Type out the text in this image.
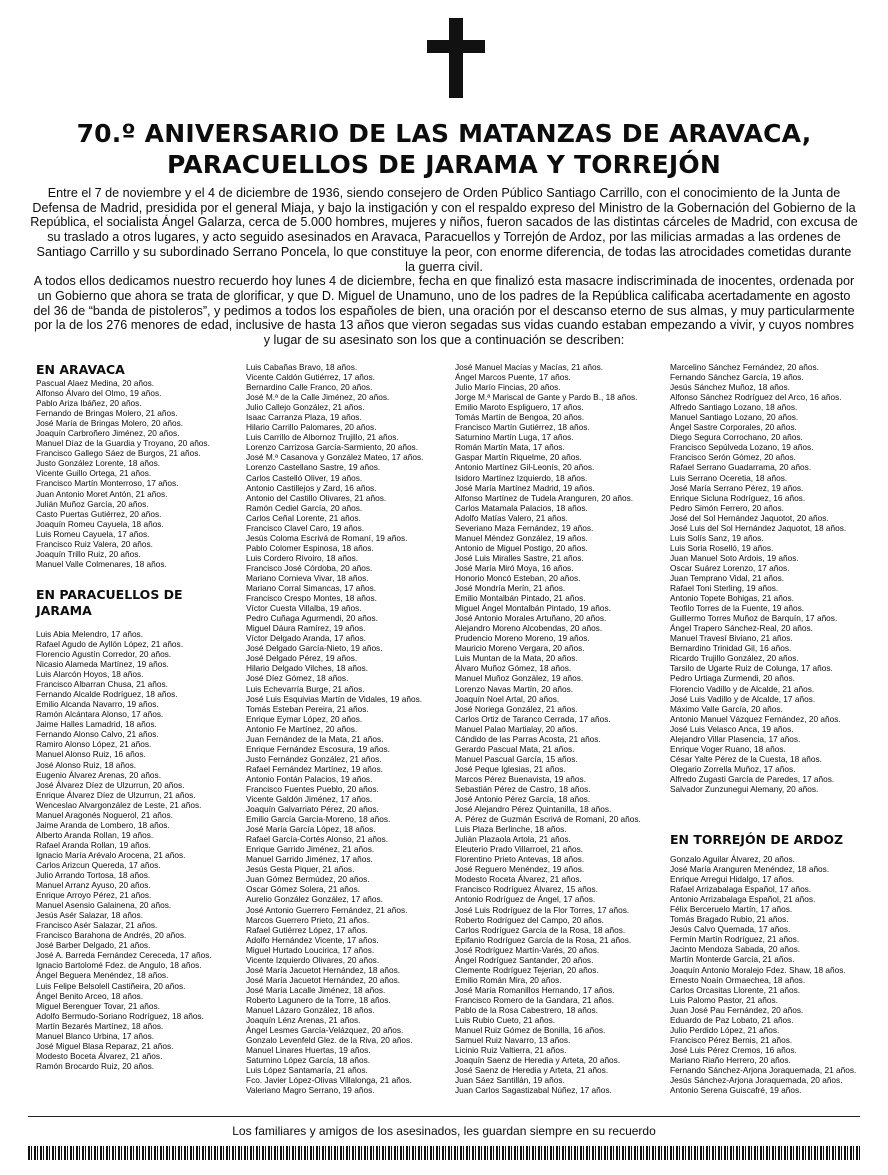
70.º ANIVERSARIO DE LAS MATANZAS DE ARAVACA,
PARACUELLOS DE JARAMA Y TORREJÓN

Entre el 7 de noviembre y el 4 de diciembre de 1936, siendo consejero de Orden Público Santiago Carrillo, con el conocimiento de la Junta de Defensa de Madrid, presidida por el general Miaja, y bajo la instigación y con el respaldo expreso del Ministro de la Gobernación del Gobierno de la República, el socialista Ángel Galarza, cerca de 5.000 hombres, mujeres y niños, fueron sacados de las distintas cárceles de Madrid, con excusa de su traslado a otros lugares, y acto seguido asesinados en Aravaca, Paracuellos y Torrejón de Ardoz, por las milicias armadas a las ordenes de Santiago Carrillo y su subordinado Serrano Poncela, lo que constituye la peor, con enorme diferencia, de todas las atrocidades cometidas durante la guerra civil.

A todos ellos dedicamos nuestro recuerdo hoy lunes 4 de diciembre, fecha en que finalizó esta masacre indiscriminada de inocentes, ordenada por un Gobierno que ahora se trata de glorificar, y que D. Miguel de Unamuno, uno de los padres de la República calificaba acertadamente en agosto del 36 de “banda de pistoleros”, y pedimos a todos los españoles de bien, una oración por el descanso eterno de sus almas, y muy particularmente por la de los 276 menores de edad, inclusive de hasta 13 años que vieron segadas sus vidas cuando estaban empezando a vivir, y cuyos nombres y lugar de su asesinato son los que a continuación se describen:

EN ARAVACA
Pascual Alaez Medina, 20 años.
Alfonso Álvaro del Olmo, 19 años.
Pablo Ariza Ibáñez, 20 años.
Fernando de Bringas Molero, 21 años.
José María de Bringas Molero, 20 años.
Joaquín Carbroñero Jiménez, 20 años.
Manuel Díaz de la Guardia y Troyano, 20 años.
Francisco Gallego Sáez de Burgos, 21 años.
Justo González Lorente, 18 años.
Vicente Guillo Ortega, 21 años.
Francisco Martín Monterroso, 17 años.
Juan Antonio Moret Antón, 21 años.
Julián Muñoz García, 20 años.
Casto Puertas Gutiérrez, 20 años.
Joaquín Romeu Cayuela, 18 años.
Luis Romeu Cayuela, 17 años.
Francisco Ruiz Valera, 20 años.
Joaquín Trillo Ruiz, 20 años.
Manuel Valle Colmenares, 18 años.
EN PARACUELLOS DE
JARAMA
Luis Abia Melendro, 17 años.
Rafael Agudo de Ayllón López, 21 años.
Florencio Agustín Corredor, 20 años.
Nicasio Alameda Martínez, 19 años.
Luis Alarcón Hoyos, 18 años.
Francisco Albarran Chusa, 21 años.
Fernando Alcalde Rodríguez, 18 años.
Emilio Alcanda Navarro, 19 años.
Ramón Alcántara Alonso, 17 años.
Jaime Halles Lamadrid, 18 años.
Fernando Alonso Calvo, 21 años.
Ramiro Alonso López, 21 años.
Manuel Alonso Ruiz, 16 años.
José Alonso Ruiz, 18 años.
Eugenio Álvarez Arenas, 20 años.
José Álvarez Díez de Ulzurrun, 20 años.
Enrique Álvarez Díez de Ulzurrun, 21 años.
Wenceslao Alvargonzález de Leste, 21 años.
Manuel Aragonés Noguerol, 21 años.
Jaime Aranda de Lombero, 18 años.
Alberto Aranda Rollan, 19 años.
Rafael Aranda Rollan, 19 años.
Ignacio María Arévalo Arocena, 21 años.
Carlos Arizcun Quereda, 17 años.
Julio Arrando Tortosa, 18 años.
Manuel Arranz Ayuso, 20 años.
Enrique Arroyo Pérez, 21 años.
Manuel Asensio Galainena, 20 años.
Jesús Asér Salazar, 18 años.
Francisco Asér Salazar, 21 años.
Francisco Barahona de Andrés, 20 años.
José Barber Delgado, 21 años.
José A. Barreda Fernández Cereceda, 17 años.
Ignacio Bartolomé Fdez. de Angulo, 18 años.
Ángel Beguera Menéndez, 18 años.
Luis Felipe Belsolell Castiñeira, 20 años.
Ángel Benito Arceo, 18 años.
Miguel Berenguer Tovar, 21 años.
Adolfo Bermudo-Soriano Rodríguez, 18 años.
Martín Bezarés Martínez, 18 años.
Manuel Blanco Urbina, 17 años.
José Miguel Blasa Reparaz, 21 años.
Modesto Boceta Álvarez, 21 años.
Ramón Brocardo Ruiz, 20 años.
Luis Cabañas Bravo, 18 años.
Vicente Caldón Gutiérrez, 17 años.
Bernardino Calle Franco, 20 años.
José M.ª de la Calle Jiménez, 20 años.
Julio Callejo González, 21 años.
Isaac Carranza Plaza, 19 años.
Hilario Carrillo Palomares, 20 años.
Luis Carrillo de Albornoz Trujillo, 21 años.
Lorenzo Carrizosa García-Sarmiento, 20 años.
José M.ª Casanova y González Mateo, 17 años.
Lorenzo Castellano Sastre, 19 años.
Carlos Castelló Oliver, 19 años.
Antonio Castillejos y Zard, 16 años.
Antonio del Castillo Olivares, 21 años.
Ramón Cediel García, 20 años.
Carlos Ceñal Lorente, 21 años.
Francisco Clavel Caro, 19 años.
Jesús Coloma Escrivá de Romaní, 19 años.
Pablo Colomer Espinosa, 18 años.
Luis Cordero Rivoiro, 18 años.
Francisco José Córdoba, 20 años.
Mariano Cornieva Vivar, 18 años.
Mariano Corral Simancas, 17 años.
Francisco Crespo Montes, 18 años.
Víctor Cuesta Villalba, 19 años.
Pedro Cuñaga Agurmendi, 20 años.
Miguel Dáura Ramírez, 19 años.
Víctor Delgado Aranda, 17 años.
José Delgado García-Nieto, 19 años.
José Delgado Pérez, 19 años.
Hilario Delgado Vilches, 18 años.
José Díez Gómez, 18 años.
Luis Echevarría Burge, 21 años.
José Luis Esquivias Martín de Vidales, 19 años.
Tomás Esteban Pereira, 21 años.
Enrique Eymar López, 20 años.
Antonio Fe Martínez, 20 años.
Juan Fernández de la Mata, 21 años.
Enrique Fernández Escosura, 19 años.
Justo Fernández González, 21 años.
Rafael Fernández Martínez, 19 años.
Antonio Fontán Palacios, 19 años.
Francisco Fuentes Pueblo, 20 años.
Vicente Galdón Jiménez, 17 años.
Joaquín Galvarriato Pérez, 20 años.
Emilio García García-Moreno, 18 años.
José María García López, 18 años.
Rafael García-Cortés Alonso, 21 años.
Enrique Garrido Jiménez, 21 años.
Manuel Garrido Jiménez, 17 años.
Jesús Gesta Piquer, 21 años.
Juan Gómez Bermúdez, 20 años.
Oscar Gómez Solera, 21 años.
Aurelio González González, 17 años.
José Antonio Guerrero Fernández, 21 años.
Marcos Guerrero Prieto, 21 años.
Rafael Gutiérrez López, 17 años.
Adolfo Hernández Vicente, 17 años.
Miguel Hurtado Loucirica, 17 años.
Vicente Izquierdo Olivares, 20 años.
José María Jacuetot Hernández, 18 años.
José María Jacuetot Hernández, 20 años.
José María Lacalle Jiménez, 18 años.
Roberto Lagunero de la Torre, 18 años.
Manuel Lázaro González, 18 años.
Joaquín Lénz Arenas, 21 años.
Ángel Lesmes García-Velázquez, 20 años.
Gonzalo Levenfeld Glez. de la Riva, 20 años.
Manuel Linares Huertas, 19 años.
Saturnino López García, 18 años.
Luis López Santamaría, 21 años.
Fco. Javier López-Olivas Villalonga, 21 años.
Valeriano Magro Serrano, 19 años.
José Manuel Macías y Macías, 21 años.
Ángel Marcos Puente, 17 años.
Julio Marío Fincias, 20 años.
Jorge M.ª Mariscal de Gante y Pardo B., 18 años.
Emilio Maroto Espliguero, 17 años.
Tomás Martín de Bengoa, 20 años.
Francisco Martín Gutiérrez, 18 años.
Saturnino Martín Luga, 17 años.
Román Martín Mata, 17 años.
Gaspar Martín Riquelme, 20 años.
Antonio Martínez Gil-Leonís, 20 años.
Isidoro Martínez Izquierdo, 18 años.
José María Martínez Madrid, 19 años.
Alfonso Martínez de Tudela Aranguren, 20 años.
Carlos Matamala Palacios, 18 años.
Adolfo Matías Valero, 21 años.
Severiano Maza Fernández, 19 años.
Manuel Méndez González, 19 años.
Antonio de Miguel Postigo, 20 años.
José Luis Miralles Sastre, 21 años.
José María Miró Moya, 16 años.
Honorio Moncó Esteban, 20 años.
José Mondría Merín, 21 años.
Emilio Montalbán Pintado, 21 años.
Miguel Ángel Montalbán Pintado, 19 años.
José Antonio Morales Artuñano, 20 años.
Alejandro Moreno Alcobendas, 20 años.
Prudencio Moreno Moreno, 19 años.
Mauricio Moreno Vergara, 20 años.
Luis Muntan de la Mata, 20 años.
Álvaro Muñoz Gómez, 18 años.
Manuel Muñoz González, 19 años.
Lorenzo Navas Martín, 20 años.
Joaquín Noel Artal, 20 años.
José Noriega González, 21 años.
Carlos Ortiz de Taranco Cerrada, 17 años.
Manuel Palao Martialay, 20 años.
Cándido de las Parras Acosta, 21 años.
Gerardo Pascual Mata, 21 años.
Manuel Pascual García, 15 años.
José Peque Iglesias, 21 años.
Marcos Pérez Buenavista, 19 años.
Sebastián Pérez de Castro, 18 años.
José Antonio Pérez García, 18 años.
José Alejandro Pérez Quintanilla, 18 años.
A. Pérez de Guzmán Escrivá de Romaní, 20 años.
Luis Plaza Berlinche, 18 años.
Julián Plazaola Artola, 21 años.
Eleuterio Prado Villarroel, 21 años.
Florentino Prieto Antevas, 18 años.
José Reguero Menéndez, 19 años.
Modesto Roceta Álvarez, 21 años.
Francisco Rodríguez Álvarez, 15 años.
Antonio Rodríguez de Ángel, 17 años.
José Luis Rodríguez de la Flor Torres, 17 años.
Roberto Rodríguez del Campo, 20 años.
Carlos Rodríguez García de la Rosa, 18 años.
Epifanio Rodríguez García de la Rosa, 21 años.
José Rodríguez Martín-Varés, 20 años.
Ángel Rodríguez Santander, 20 años.
Clemente Rodríguez Tejerian, 20 años.
Emilio Román Mira, 20 años.
José María Romanillos Hernando, 17 años.
Francisco Romero de la Gandara, 21 años.
Pablo de la Rosa Cabestrero, 18 años.
Luis Rubio Cueto, 21 años.
Manuel Ruiz Gómez de Bonilla, 16 años.
Samuel Ruiz Navarro, 13 años.
Licinio Ruiz Valtierra, 21 años.
Joaquín Saenz de Heredia y Arteta, 20 años.
José Saenz de Heredia y Arteta, 21 años.
Juan Sáez Santillán, 19 años.
Juan Carlos Sagastizabal Núñez, 17 años.
Marcelino Sánchez Fernández, 20 años.
Fernando Sánchez García, 19 años.
Jesús Sánchez Muñoz, 18 años.
Alfonso Sánchez Rodríguez del Arco, 16 años.
Alfredo Santiago Lozano, 18 años.
Manuel Santiago Lozano, 20 años.
Ángel Sastre Corporales, 20 años.
Diego Segura Corrochano, 20 años.
Francisco Sepúlveda Lozano, 19 años.
Francisco Serón Gómez, 20 años.
Rafael Serrano Guadarrama, 20 años.
Luis Serrano Oceretia, 18 años.
José María Serrano Pérez, 19 años.
Enrique Sicluna Rodríguez, 16 años.
Pedro Simón Ferrero, 20 años.
José del Sol Hernández Jaquotot, 20 años.
José Luis del Sol Hernández Jaquotot, 18 años.
Luis Solís Sanz, 19 años.
Luis Soria Roselló, 19 años.
Juan Manuel Soto Ardois, 19 años.
Oscar Suárez Lorenzo, 17 años.
Juan Temprano Vidal, 21 años.
Rafael Toni Sterling, 19 años.
Antonio Topete Bohigas, 21 años.
Teofilo Torres de la Fuente, 19 años.
Guillermo Torres Muñoz de Barquín, 17 años.
Ángel Trapero Sánchez-Real, 20 años.
Manuel Travesí Biviano, 21 años.
Bernardino Trinidad Gil, 16 años.
Ricardo Trujillo González, 20 años.
Tarsilo de Ugarte Ruiz de Colunga, 17 años.
Pedro Urtiaga Zurmendi, 20 años.
Florencio Vadillo y de Alcalde, 21 años.
José Luis Vadillo y de Alcalde, 17 años.
Máximo Valle García, 20 años.
Antonio Manuel Vázquez Fernández, 20 años.
José Luis Velasco Anca, 19 años.
Alejandro Villar Plasencia, 17 años.
Enrique Voger Ruano, 18 años.
César Yalte Pérez de la Cuesta, 18 años.
Olegario Zorrella Muñoz, 17 años.
Alfredo Zugasti García de Paredes, 17 años.
Salvador Zunzunegui Alemany, 20 años.
EN TORREJÓN DE ARDOZ
Gonzalo Aguilar Álvarez, 20 años.
José María Aranguren Menéndez, 18 años.
Enrique Arregui Hidalgo, 17 años.
Rafael Arrizabalaga Español, 17 años.
Antonio Arrizabalaga Español, 21 años.
Félix Berceruelo Martín, 17 años.
Tomás Bragado Rubio, 21 años.
Jesús Calvo Quemada, 17 años.
Fermín Martín Rodríguez, 21 años.
Jacinto Mendoza Sabada, 20 años.
Martín Monterde García, 21 años.
Joaquín Antonio Moralejo Fdez. Shaw, 18 años.
Ernesto Noaín Ormaechea, 18 años.
Carlos Orcasitas Llorente, 21 años.
Luis Palomo Pastor, 21 años.
Juan José Pau Fernández, 20 años.
Eduardo de Paz Lobato, 21 años.
Julio Perdido López, 21 años.
Francisco Pérez Bernis, 21 años.
José Luis Pérez Cremos, 16 años.
Mariano Riaño Herrero, 20 años.
Fernando Sánchez-Arjona Joraquemada, 21 años.
Jesús Sánchez-Arjona Joraquemada, 20 años.
Antonio Serena Guiscafré, 19 años.
Los familiares y amigos de los asesinados, les guardan siempre en su recuerdo
